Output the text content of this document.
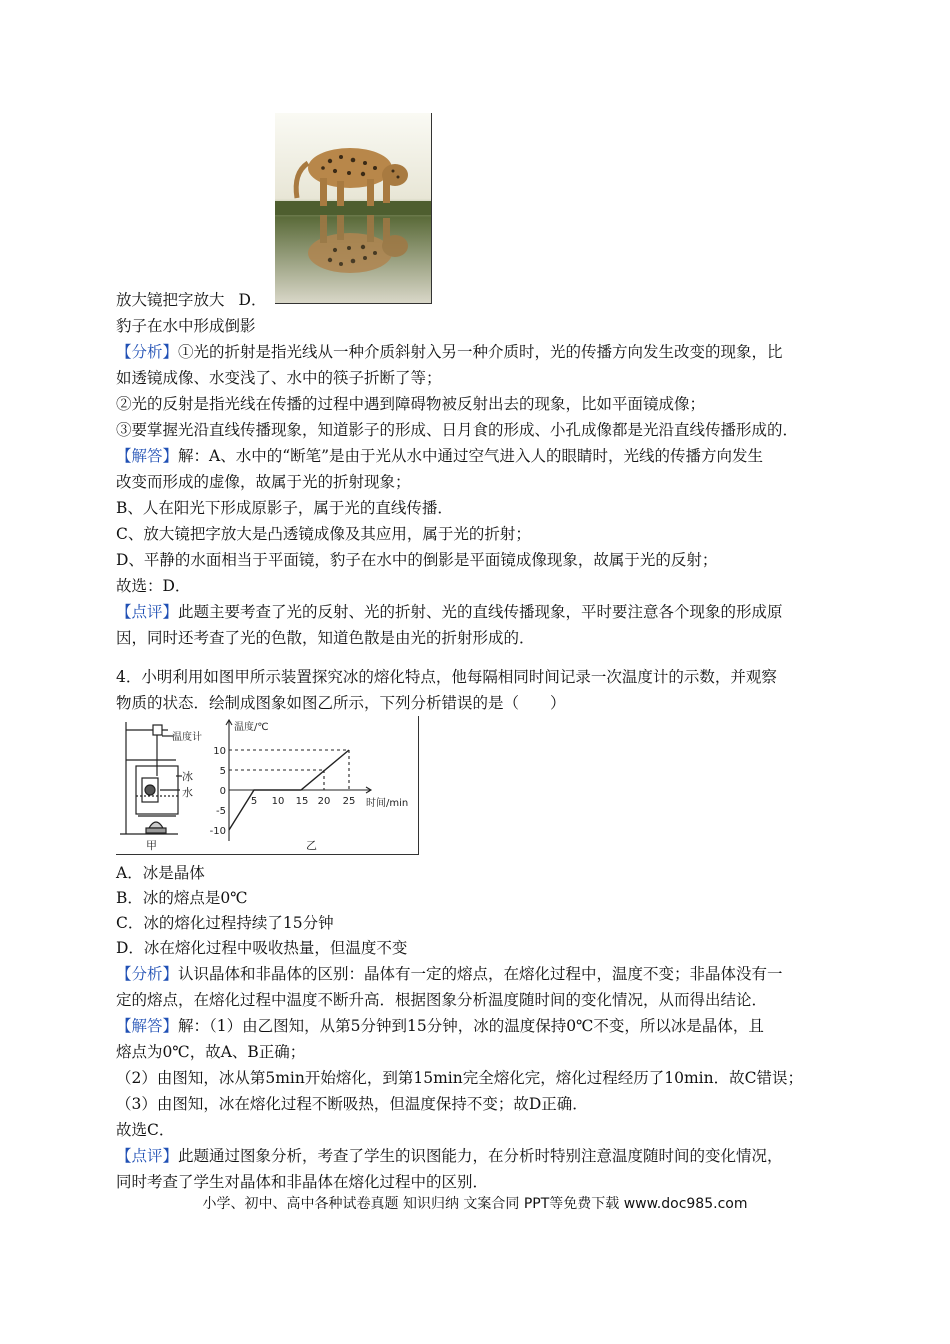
放大镜把字放大 D．
豹子在水中形成倒影
【分析】①光的折射是指光线从一种介质斜射入另一种介质时，光的传播方向发生改变的现象，比
如透镜成像、水变浅了、水中的筷子折断了等；
②光的反射是指光线在传播的过程中遇到障碍物被反射出去的现象，比如平面镜成像；
③要掌握光沿直线传播现象，知道影子的形成、日月食的形成、小孔成像都是光沿直线传播形成的．
【解答】解：A、水中的“断笔”是由于光从水中通过空气进入人的眼睛时，光线的传播方向发生
改变而形成的虚像，故属于光的折射现象；
B、人在阳光下形成原影子，属于光的直线传播．
C、放大镜把字放大是凸透镜成像及其应用，属于光的折射；
D、平静的水面相当于平面镜，豹子在水中的倒影是平面镜成像现象，故属于光的反射；
故选：D．
【点评】此题主要考查了光的反射、光的折射、光的直线传播现象，平时要注意各个现象的形成原
因，同时还考查了光的色散，知道色散是由光的折射形成的．
4．小明利用如图甲所示装置探究冰的熔化特点，他每隔相同时间记录一次温度计的示数，并观察
物质的状态．绘制成图象如图乙所示，下列分析错误的是（　　）
温度计
冰
水
甲
温度/℃
时间/min
10
5
0
-5
-10
5 10 15 20 25
乙
A．冰是晶体
B．冰的熔点是0℃
C．冰的熔化过程持续了15分钟
D．冰在熔化过程中吸收热量，但温度不变
【分析】认识晶体和非晶体的区别：晶体有一定的熔点，在熔化过程中，温度不变；非晶体没有一
定的熔点，在熔化过程中温度不断升高．根据图象分析温度随时间的变化情况，从而得出结论．
【解答】解：（1）由乙图知，从第5分钟到15分钟，冰的温度保持0℃不变，所以冰是晶体，且
熔点为0℃，故A、B正确；
（2）由图知，冰从第5min开始熔化，到第15min完全熔化完，熔化过程经历了10min．故C错误；
（3）由图知，冰在熔化过程不断吸热，但温度保持不变；故D正确．
故选C．
【点评】此题通过图象分析，考查了学生的识图能力，在分析时特别注意温度随时间的变化情况，
同时考查了学生对晶体和非晶体在熔化过程中的区别．
小学、初中、高中各种试卷真题 知识归纳 文案合同 PPT等免费下载 www.doc985.com
